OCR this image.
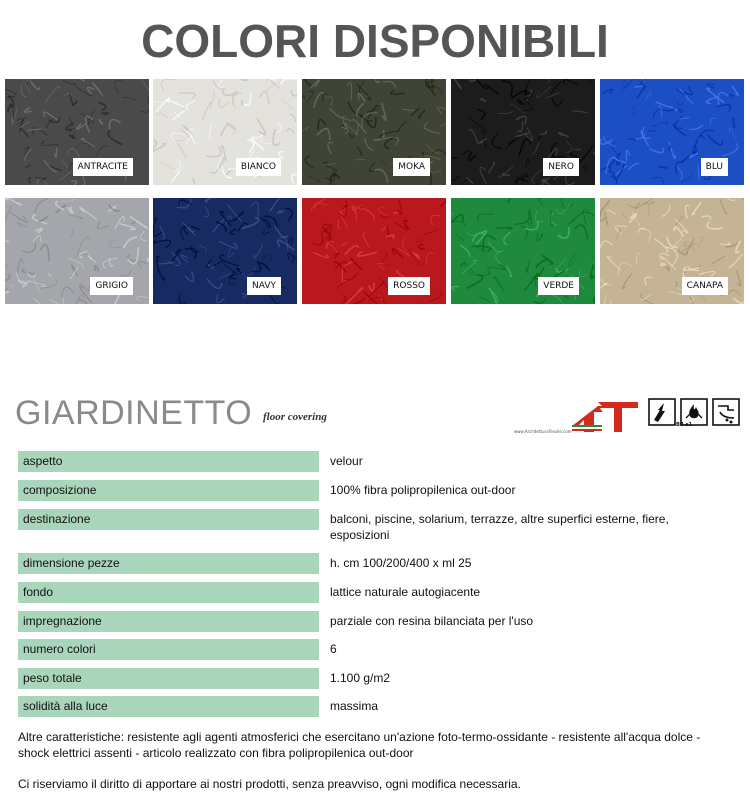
COLORI DISPONIBILI
ANTRACITE	BIANCO	MOKA	NERO	BLU
GRIGIO	NAVY	ROSSO	VERDE	CANAPA
GIARDINETTO floor covering
www.ArchitetturaTessile.com
Bfl-s1
aspetto	velour
composizione	100% fibra polipropilenica out-door
destinazione	balconi, piscine, solarium, terrazze, altre superfici esterne, fiere, esposizioni
dimensione pezze	h. cm 100/200/400 x ml 25
fondo	lattice naturale autogiacente
impregnazione	parziale con resina bilanciata per l'uso
numero colori	6
peso totale	1.100 g/m2
solidità alla luce	massima
Altre caratteristiche: resistente agli agenti atmosferici che esercitano un'azione foto-termo-ossidante - resistente all'acqua dolce - shock elettrici assenti - articolo realizzato con fibra polipropilenica out-door
Ci riserviamo il diritto di apportare ai nostri prodotti, senza preavviso, ogni modifica necessaria.
